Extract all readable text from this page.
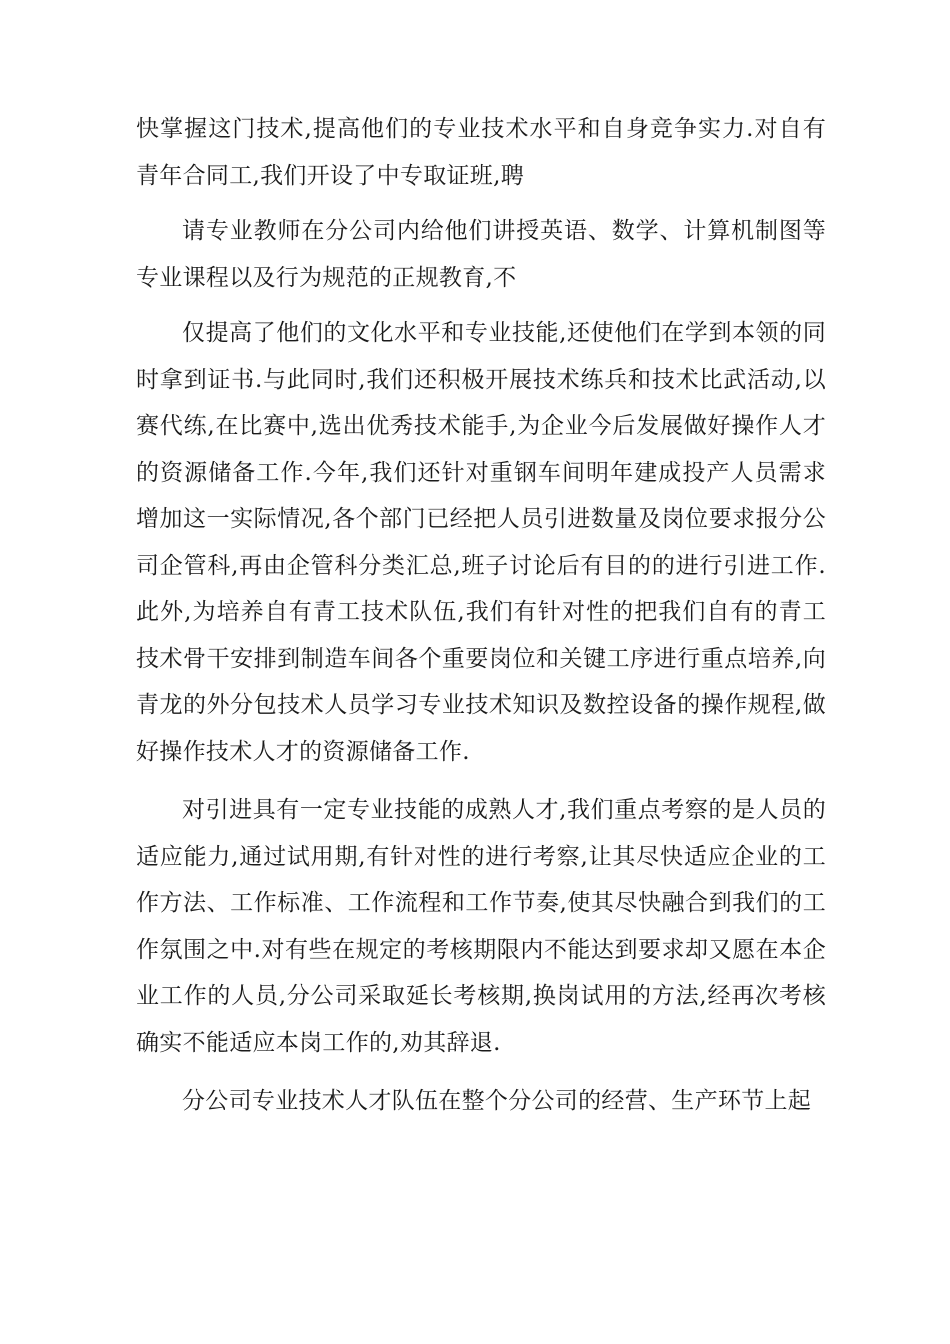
快掌握这门技术,提高他们的专业技术水平和自身竞争实力.对自有青年合同工,我们开设了中专取证班,聘

请专业教师在分公司内给他们讲授英语、数学、计算机制图等专业课程以及行为规范的正规教育,不

仅提高了他们的文化水平和专业技能,还使他们在学到本领的同时拿到证书.与此同时,我们还积极开展技术练兵和技术比武活动,以赛代练,在比赛中,选出优秀技术能手,为企业今后发展做好操作人才的资源储备工作.今年,我们还针对重钢车间明年建成投产人员需求增加这一实际情况,各个部门已经把人员引进数量及岗位要求报分公司企管科,再由企管科分类汇总,班子讨论后有目的的进行引进工作.此外,为培养自有青工技术队伍,我们有针对性的把我们自有的青工技术骨干安排到制造车间各个重要岗位和关键工序进行重点培养,向青龙的外分包技术人员学习专业技术知识及数控设备的操作规程,做好操作技术人才的资源储备工作.

对引进具有一定专业技能的成熟人才,我们重点考察的是人员的适应能力,通过试用期,有针对性的进行考察,让其尽快适应企业的工作方法、工作标准、工作流程和工作节奏,使其尽快融合到我们的工作氛围之中.对有些在规定的考核期限内不能达到要求却又愿在本企业工作的人员,分公司采取延长考核期,换岗试用的方法,经再次考核确实不能适应本岗工作的,劝其辞退.

分公司专业技术人才队伍在整个分公司的经营、生产环节上起
